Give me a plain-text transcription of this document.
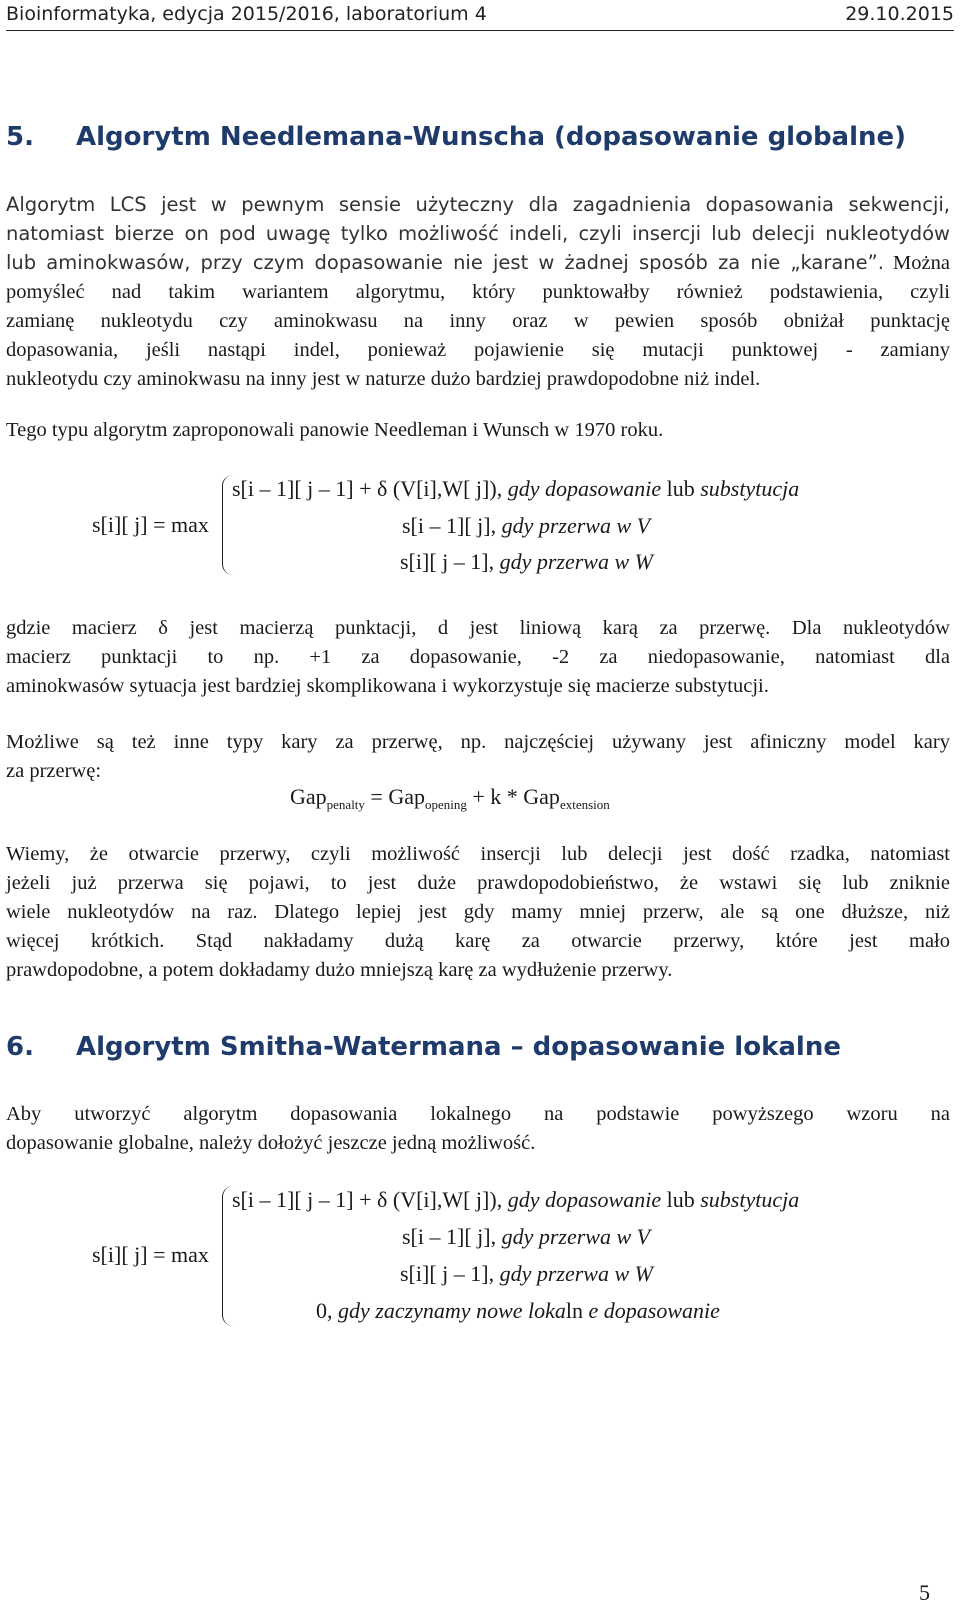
Bioinformatyka, edycja 2015/2016, laboratorium 4	29.10.2015
5. Algorytm Needlemana-Wunscha (dopasowanie globalne)
Algorytm LCS jest w pewnym sensie użyteczny dla zagadnienia dopasowania sekwencji,
natomiast bierze on pod uwagę tylko możliwość indeli, czyli insercji lub delecji nukleotydów
lub aminokwasów, przy czym dopasowanie nie jest w żadnej sposób za nie „karane”. Można
pomyśleć nad takim wariantem algorytmu, który punktowałby również podstawienia, czyli
zamianę nukleotydu czy aminokwasu na inny oraz w pewien sposób obniżał punktację
dopasowania, jeśli nastąpi indel, ponieważ pojawienie się mutacji punktowej - zamiany
nukleotydu czy aminokwasu na inny jest w naturze dużo bardziej prawdopodobne niż indel.
Tego typu algorytm zaproponowali panowie Needleman i Wunsch w 1970 roku.
s[i][ j] = max
s[i – 1][ j – 1] + δ (V[i],W[ j]), gdy dopasowanie lub substytucja
s[i – 1][ j], gdy przerwa w V
s[i][ j – 1], gdy przerwa w W
gdzie macierz δ jest macierzą punktacji, d jest liniową karą za przerwę. Dla nukleotydów
macierz punktacji to np. +1 za dopasowanie, -2 za niedopasowanie, natomiast dla
aminokwasów sytuacja jest bardziej skomplikowana i wykorzystuje się macierze substytucji.
Możliwe są też inne typy kary za przerwę, np. najczęściej używany jest afiniczny model kary
za przerwę:
Gap$_{penalty}$ = Gap$_{opening}$ + k * Gap$_{extension}$
Wiemy, że otwarcie przerwy, czyli możliwość insercji lub delecji jest dość rzadka, natomiast
jeżeli już przerwa się pojawi, to jest duże prawdopodobieństwo, że wstawi się lub zniknie
wiele nukleotydów na raz. Dlatego lepiej jest gdy mamy mniej przerw, ale są one dłuższe, niż
więcej krótkich. Stąd nakładamy dużą karę za otwarcie przerwy, które jest mało
prawdopodobne, a potem dokładamy dużo mniejszą karę za wydłużenie przerwy.
6. Algorytm Smitha-Watermana – dopasowanie lokalne
Aby utworzyć algorytm dopasowania lokalnego na podstawie powyższego wzoru na
dopasowanie globalne, należy dołożyć jeszcze jedną możliwość.
s[i][ j] = max
s[i – 1][ j – 1] + δ (V[i],W[ j]), gdy dopasowanie lub substytucja
s[i – 1][ j], gdy przerwa w V
s[i][ j – 1], gdy przerwa w W
0, gdy zaczynamy nowe lokaln e dopasowanie
5
